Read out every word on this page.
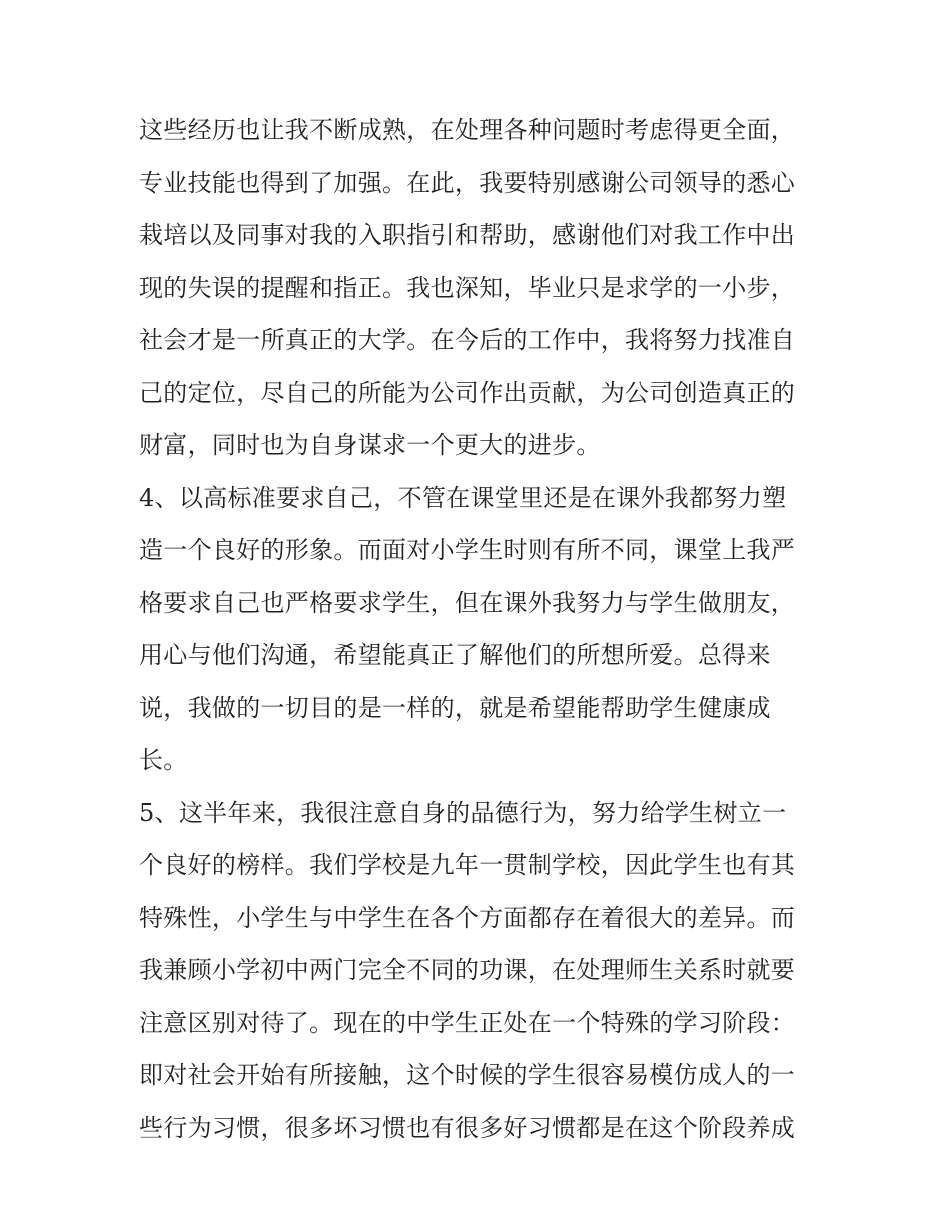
这些经历也让我不断成熟，在处理各种问题时考虑得更全面，
专业技能也得到了加强。在此，我要特别感谢公司领导的悉心
栽培以及同事对我的入职指引和帮助，感谢他们对我工作中出
现的失误的提醒和指正。我也深知，毕业只是求学的一小步，
社会才是一所真正的大学。在今后的工作中，我将努力找准自
己的定位，尽自己的所能为公司作出贡献，为公司创造真正的
财富，同时也为自身谋求一个更大的进步。
4、以高标准要求自己，不管在课堂里还是在课外我都努力塑
造一个良好的形象。而面对小学生时则有所不同，课堂上我严
格要求自己也严格要求学生，但在课外我努力与学生做朋友，
用心与他们沟通，希望能真正了解他们的所想所爱。总得来
说，我做的一切目的是一样的，就是希望能帮助学生健康成
长。
5、这半年来，我很注意自身的品德行为，努力给学生树立一
个良好的榜样。我们学校是九年一贯制学校，因此学生也有其
特殊性，小学生与中学生在各个方面都存在着很大的差异。而
我兼顾小学初中两门完全不同的功课，在处理师生关系时就要
注意区别对待了。现在的中学生正处在一个特殊的学习阶段：
即对社会开始有所接触，这个时候的学生很容易模仿成人的一
些行为习惯，很多坏习惯也有很多好习惯都是在这个阶段养成
